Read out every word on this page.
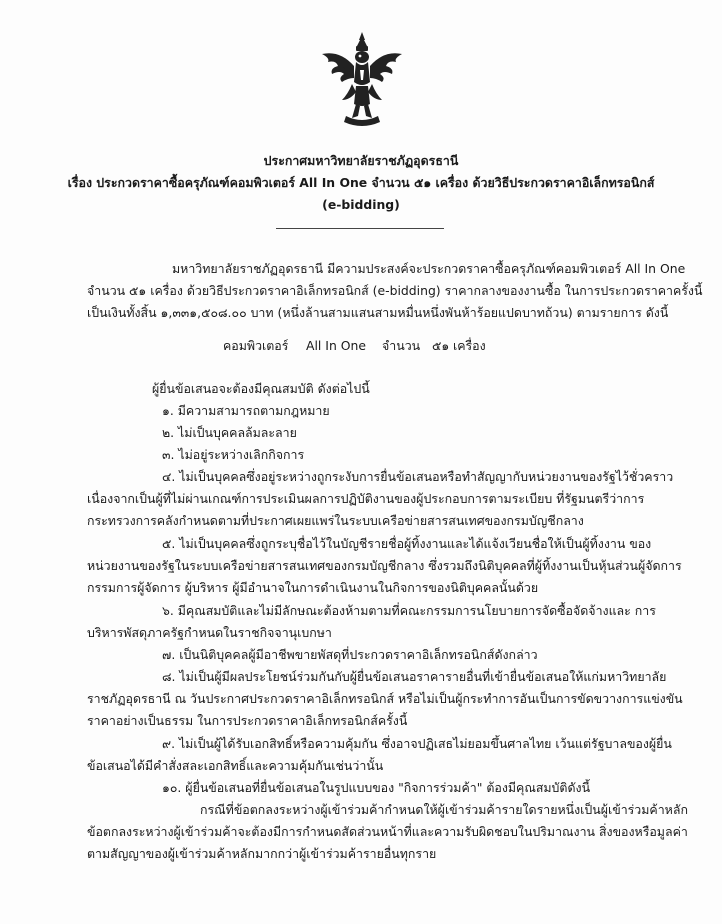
ประกาศมหาวิทยาลัยราชภัฏอุดรธานี
เรื่อง ประกวดราคาซื้อครุภัณฑ์คอมพิวเตอร์ All In One จำนวน ๕๑ เครื่อง ด้วยวิธีประกวดราคาอิเล็กทรอนิกส์
(e-bidding)
มหาวิทยาลัยราชภัฏอุดรธานี มีความประสงค์จะประกวดราคาซื้อครุภัณฑ์คอมพิวเตอร์ All In One
จำนวน ๕๑ เครื่อง ด้วยวิธีประกวดราคาอิเล็กทรอนิกส์ (e-bidding) ราคากลางของงานซื้อ ในการประกวดราคาครั้งนี้
เป็นเงินทั้งสิ้น ๑,๓๓๑,๕๐๘.๐๐ บาท (หนึ่งล้านสามแสนสามหมื่นหนึ่งพันห้าร้อยแปดบาทถ้วน) ตามรายการ ดังนี้
คอมพิวเตอร์ All In One จำนวน ๕๑ เครื่อง
ผู้ยื่นข้อเสนอจะต้องมีคุณสมบัติ ดังต่อไปนี้
๑. มีความสามารถตามกฎหมาย
๒. ไม่เป็นบุคคลล้มละลาย
๓. ไม่อยู่ระหว่างเลิกกิจการ
๔. ไม่เป็นบุคคลซึ่งอยู่ระหว่างถูกระงับการยื่นข้อเสนอหรือทำสัญญากับหน่วยงานของรัฐไว้ชั่วคราว
เนื่องจากเป็นผู้ที่ไม่ผ่านเกณฑ์การประเมินผลการปฏิบัติงานของผู้ประกอบการตามระเบียบ ที่รัฐมนตรีว่าการ
กระทรวงการคลังกำหนดตามที่ประกาศเผยแพร่ในระบบเครือข่ายสารสนเทศของกรมบัญชีกลาง
๕. ไม่เป็นบุคคลซึ่งถูกระบุชื่อไว้ในบัญชีรายชื่อผู้ทิ้งงานและได้แจ้งเวียนชื่อให้เป็นผู้ทิ้งงาน ของ
หน่วยงานของรัฐในระบบเครือข่ายสารสนเทศของกรมบัญชีกลาง ซึ่งรวมถึงนิติบุคคลที่ผู้ทิ้งงานเป็นหุ้นส่วนผู้จัดการ
กรรมการผู้จัดการ ผู้บริหาร ผู้มีอำนาจในการดำเนินงานในกิจการของนิติบุคคลนั้นด้วย
๖. มีคุณสมบัติและไม่มีลักษณะต้องห้ามตามที่คณะกรรมการนโยบายการจัดซื้อจัดจ้างและ การ
บริหารพัสดุภาครัฐกำหนดในราชกิจจานุเบกษา
๗. เป็นนิติบุคคลผู้มีอาชีพขายพัสดุที่ประกวดราคาอิเล็กทรอนิกส์ดังกล่าว
๘. ไม่เป็นผู้มีผลประโยชน์ร่วมกันกับผู้ยื่นข้อเสนอราคารายอื่นที่เข้ายื่นข้อเสนอให้แก่มหาวิทยาลัย
ราชภัฏอุดรธานี ณ วันประกาศประกวดราคาอิเล็กทรอนิกส์ หรือไม่เป็นผู้กระทำการอันเป็นการขัดขวางการแข่งขัน
ราคาอย่างเป็นธรรม ในการประกวดราคาอิเล็กทรอนิกส์ครั้งนี้
๙. ไม่เป็นผู้ได้รับเอกสิทธิ์หรือความคุ้มกัน ซึ่งอาจปฏิเสธไม่ยอมขึ้นศาลไทย เว้นแต่รัฐบาลของผู้ยื่น
ข้อเสนอได้มีคำสั่งสละเอกสิทธิ์และความคุ้มกันเช่นว่านั้น
๑๐. ผู้ยื่นข้อเสนอที่ยื่นข้อเสนอในรูปแบบของ "กิจการร่วมค้า" ต้องมีคุณสมบัติดังนี้
กรณีที่ข้อตกลงระหว่างผู้เข้าร่วมค้ากำหนดให้ผู้เข้าร่วมค้ารายใดรายหนึ่งเป็นผู้เข้าร่วมค้าหลัก
ข้อตกลงระหว่างผู้เข้าร่วมค้าจะต้องมีการกำหนดสัดส่วนหน้าที่และความรับผิดชอบในปริมาณงาน สิ่งของหรือมูลค่า
ตามสัญญาของผู้เข้าร่วมค้าหลักมากกว่าผู้เข้าร่วมค้ารายอื่นทุกราย
